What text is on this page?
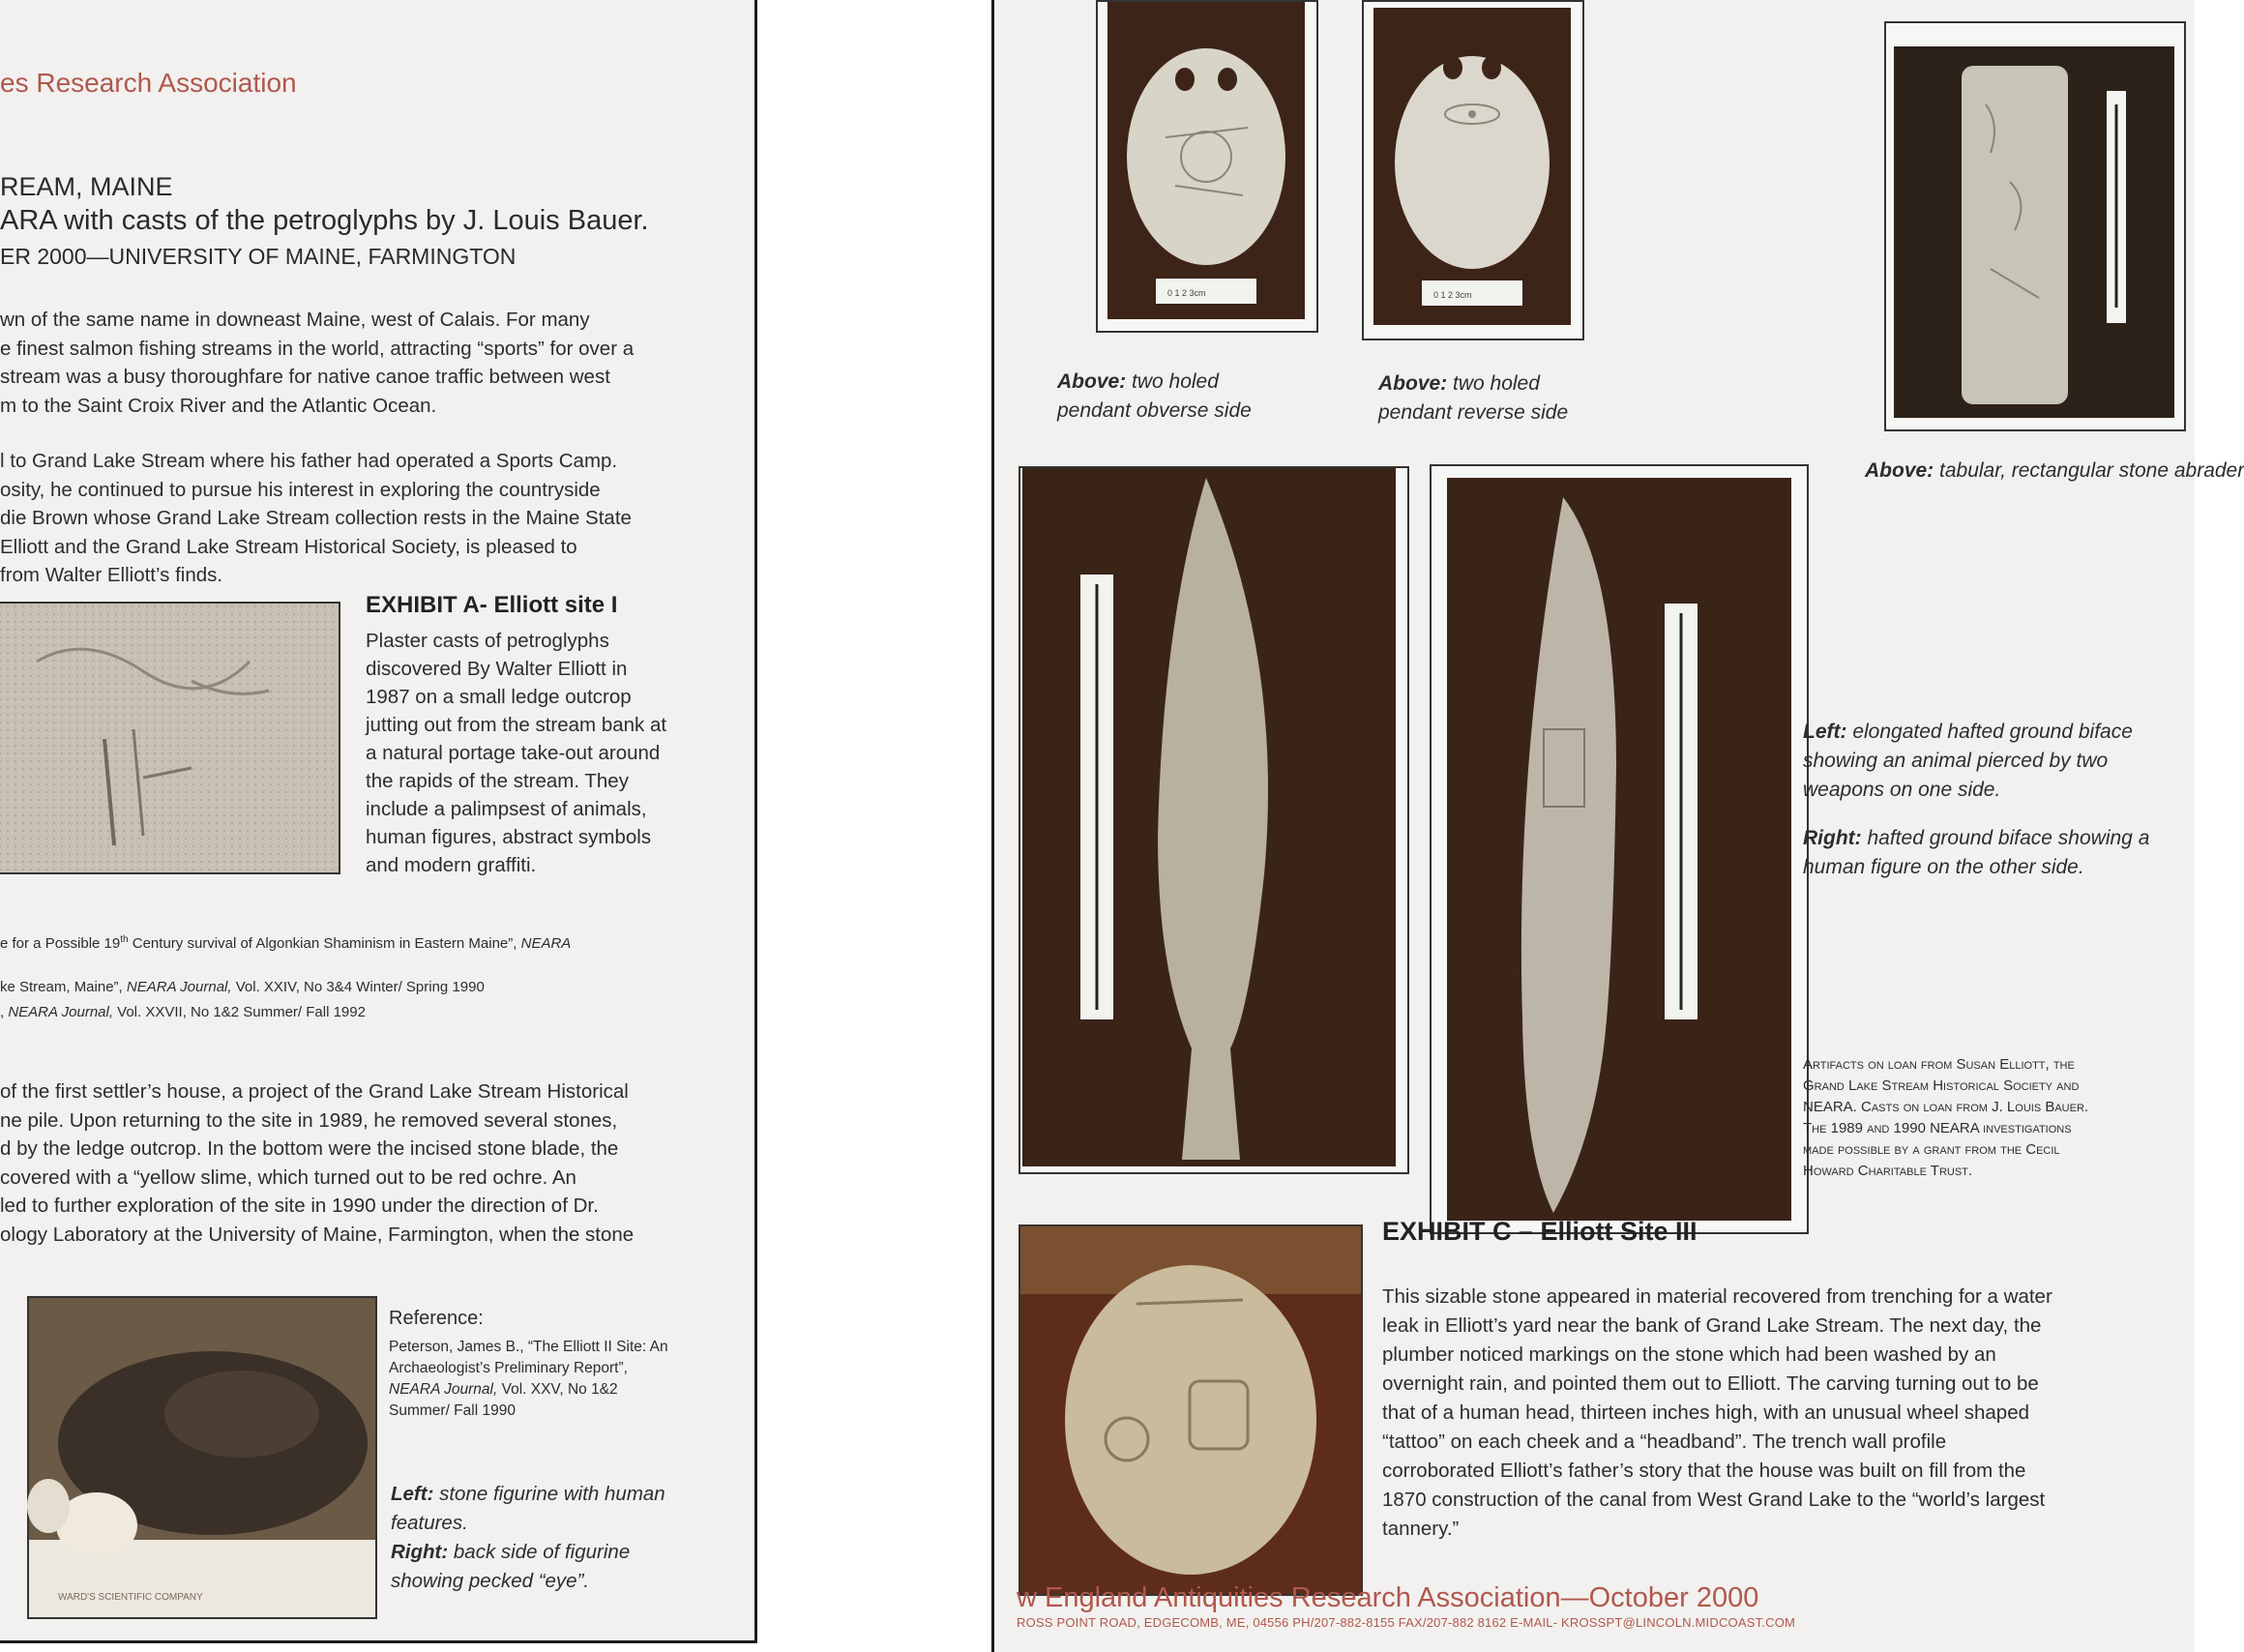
es Research Association
REAM, MAINE
ARA with casts of the petroglyphs by J. Louis Bauer.
ER 2000—UNIVERSITY OF MAINE, FARMINGTON
wn of the same name in downeast Maine, west of Calais. For many
e finest salmon fishing streams in the world, attracting “sports” for over a
stream was a busy thoroughfare for native canoe traffic between west
m to the Saint Croix River and the Atlantic Ocean.
l to Grand Lake Stream where his father had operated a Sports Camp.
osity, he continued to pursue his interest in exploring the countryside
die Brown whose Grand Lake Stream collection rests in the Maine State
Elliott and the Grand Lake Stream Historical Society, is pleased to
from Walter Elliott’s finds.
EXHIBIT A- Elliott site I
Plaster casts of petroglyphs
discovered By Walter Elliott in
1987 on a small ledge outcrop
jutting out from the stream bank at
a natural portage take-out around
the rapids of the stream. They
include a palimpsest of animals,
human figures, abstract symbols
and modern graffiti.
e for a Possible 19th Century survival of Algonkian Shaminism in Eastern Maine”, NEARA
ke Stream, Maine”, NEARA Journal, Vol. XXIV, No 3&4 Winter/ Spring 1990
, NEARA Journal, Vol. XXVII, No 1&2 Summer/ Fall 1992
of the first settler’s house, a project of the Grand Lake Stream Historical
ne pile. Upon returning to the site in 1989, he removed several stones,
d by the ledge outcrop. In the bottom were the incised stone blade, the
covered with a “yellow slime, which turned out to be red ochre. An
led to further exploration of the site in 1990 under the direction of Dr.
ology Laboratory at the University of Maine, Farmington, when the stone
WARD'S SCIENTIFIC COMPANY
Reference:
Peterson, James B., “The Elliott II Site: An
Archaeologist’s Preliminary Report”,
NEARA Journal, Vol. XXV, No 1&2
Summer/ Fall 1990
Left: stone figurine with human
features.
Right: back side of figurine
showing pecked “eye”.
0 1 2 3cm	0 1 2 3cm
Above: two holed
pendant obverse side
Above: two holed
pendant reverse side
Above: tabular, rectangular stone abrader
Left: elongated hafted ground biface
showing an animal pierced by two
weapons on one side.
Right: hafted ground biface showing a
human figure on the other side.
Artifacts on loan from Susan Elliott, the
Grand Lake Stream Historical Society and
NEARA. Casts on loan from J. Louis Bauer.
The 1989 and 1990 NEARA investigations
made possible by a grant from the Cecil
Howard Charitable Trust.
EXHIBIT C – Elliott Site III
This sizable stone appeared in material recovered from trenching for a water
leak in Elliott’s yard near the bank of Grand Lake Stream. The next day, the
plumber noticed markings on the stone which had been washed by an
overnight rain, and pointed them out to Elliott. The carving turning out to be
that of a human head, thirteen inches high, with an unusual wheel shaped
“tattoo” on each cheek and a “headband”. The trench wall profile
corroborated Elliott’s father’s story that the house was built on fill from the
1870 construction of the canal from West Grand Lake to the “world’s largest
tannery.”
w England Antiquities Research Association—October 2000
ROSS POINT ROAD, EDGECOMB, ME, 04556 PH/207-882-8155 FAX/207-882 8162 E-MAIL- KROSSPT@LINCOLN.MIDCOAST.COM
